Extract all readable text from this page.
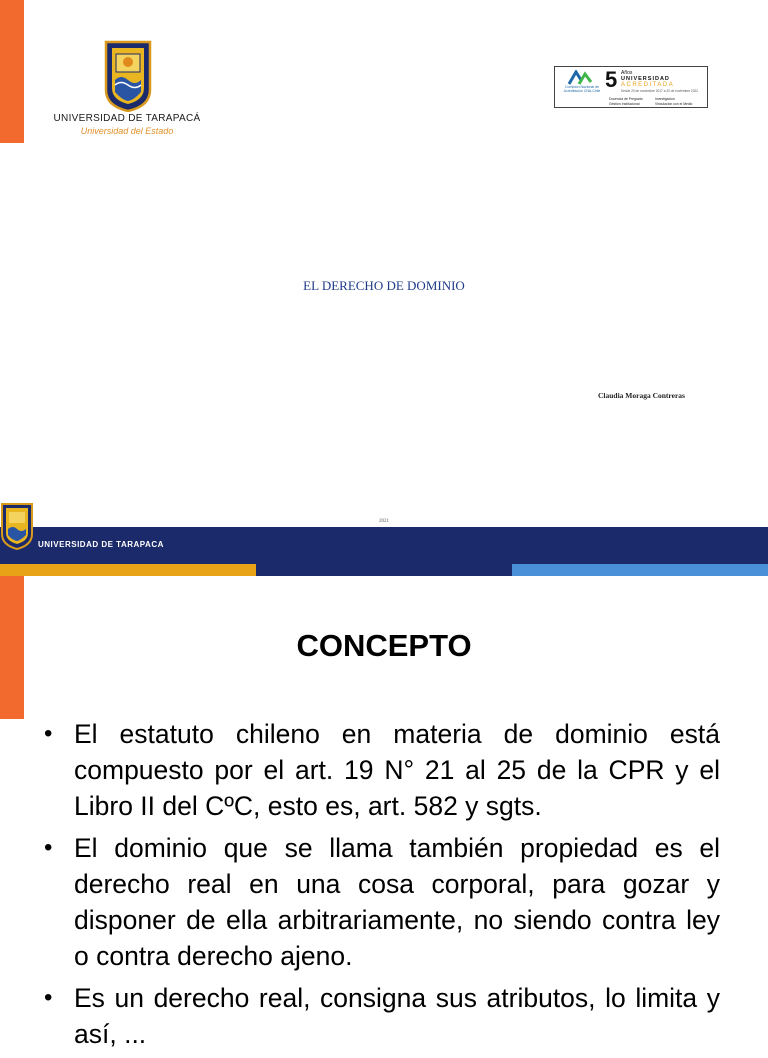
UNIVERSIDAD DE TARAPACÁ
Universidad del Estado
Comisión Nacional de Acreditación CNA-Chile 5 Años
UNIVERSIDAD
ACREDITADA
Desde 20 de noviembre 2017 a 20 de noviembre 2022
Docencia de Pregrado
Gestión Institucional
Investigación
Vinculación con el Medio
EL DERECHO DE DOMINIO
Claudia Moraga Contreras
2021
UNIVERSIDAD DE TARAPACA
CONCEPTO
• El estatuto chileno en materia de dominio está compuesto por el art. 19 N° 21 al 25 de la CPR y el Libro II del CºC, esto es, art. 582 y sgts.
• El dominio que se llama también propiedad es el derecho real en una cosa corporal, para gozar y disponer de ella arbitrariamente, no siendo contra ley o contra derecho ajeno.
• Es un derecho real, consigna sus atributos, lo limita y así, ...
